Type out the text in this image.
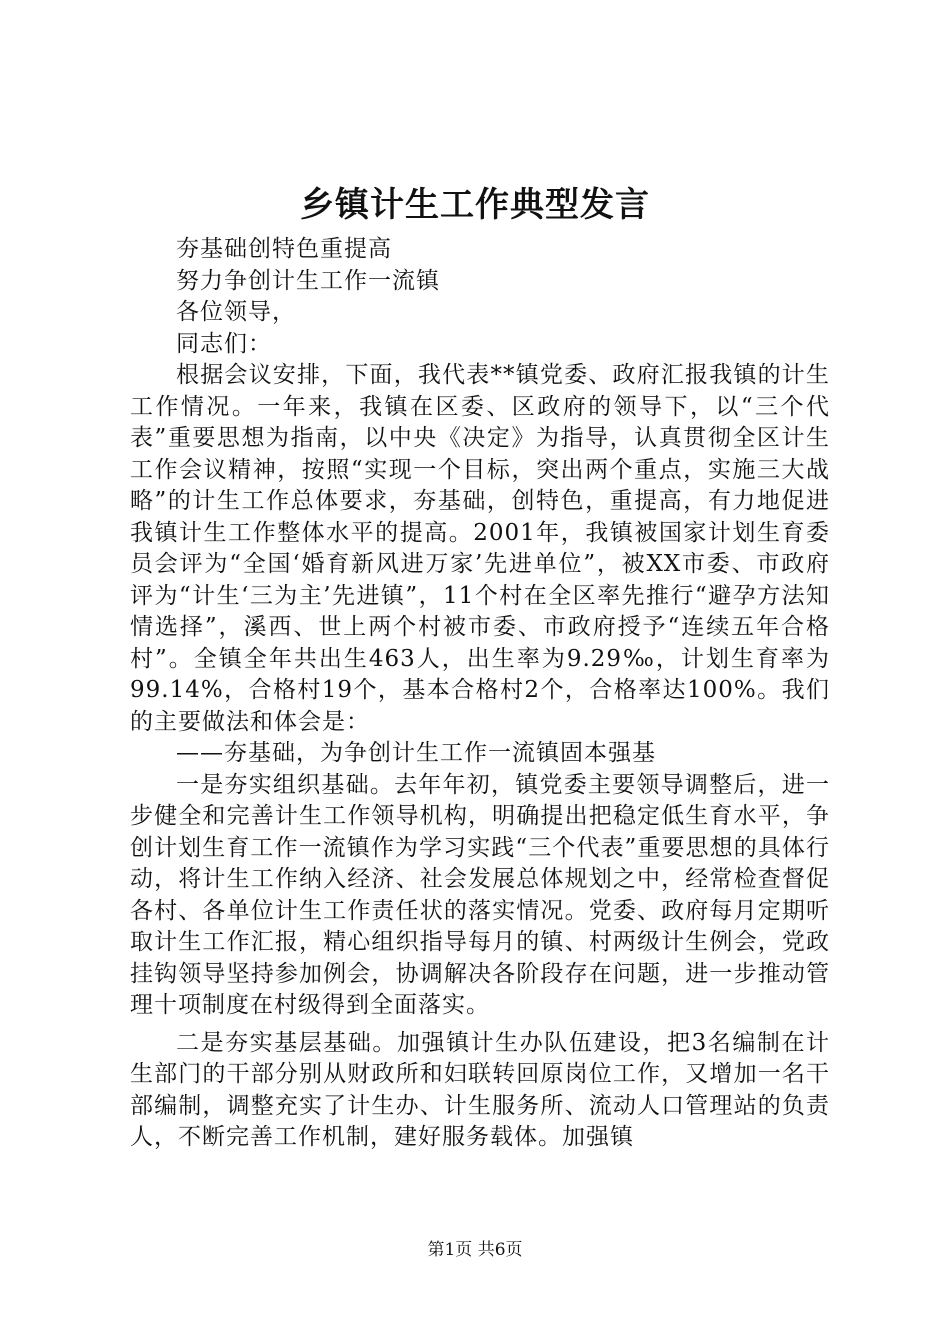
乡镇计生工作典型发言

夯基础创特色重提高

努力争创计生工作一流镇

各位领导，

同志们：

根据会议安排，下面，我代表**镇党委、政府汇报我镇的计生工作情况。一年来，我镇在区委、区政府的领导下，以“三个代表”重要思想为指南，以中央《决定》为指导，认真贯彻全区计生工作会议精神，按照“实现一个目标，突出两个重点，实施三大战略”的计生工作总体要求，夯基础，创特色，重提高，有力地促进我镇计生工作整体水平的提高。2001年，我镇被国家计划生育委员会评为“全国‘婚育新风进万家’先进单位”，被XX市委、市政府评为“计生‘三为主’先进镇”，11个村在全区率先推行“避孕方法知情选择”，溪西、世上两个村被市委、市政府授予“连续五年合格村”。全镇全年共出生463人，出生率为9.29‰，计划生育率为99.14%，合格村19个，基本合格村2个，合格率达100%。我们的主要做法和体会是：

——夯基础，为争创计生工作一流镇固本强基

一是夯实组织基础。去年年初，镇党委主要领导调整后，进一步健全和完善计生工作领导机构，明确提出把稳定低生育水平，争创计划生育工作一流镇作为学习实践“三个代表”重要思想的具体行动，将计生工作纳入经济、社会发展总体规划之中，经常检查督促各村、各单位计生工作责任状的落实情况。党委、政府每月定期听取计生工作汇报，精心组织指导每月的镇、村两级计生例会，党政挂钩领导坚持参加例会，协调解决各阶段存在问题，进一步推动管理十项制度在村级得到全面落实。

二是夯实基层基础。加强镇计生办队伍建设，把3名编制在计生部门的干部分别从财政所和妇联转回原岗位工作，又增加一名干部编制，调整充实了计生办、计生服务所、流动人口管理站的负责人，不断完善工作机制，建好服务载体。加强镇

第1页 共6页
